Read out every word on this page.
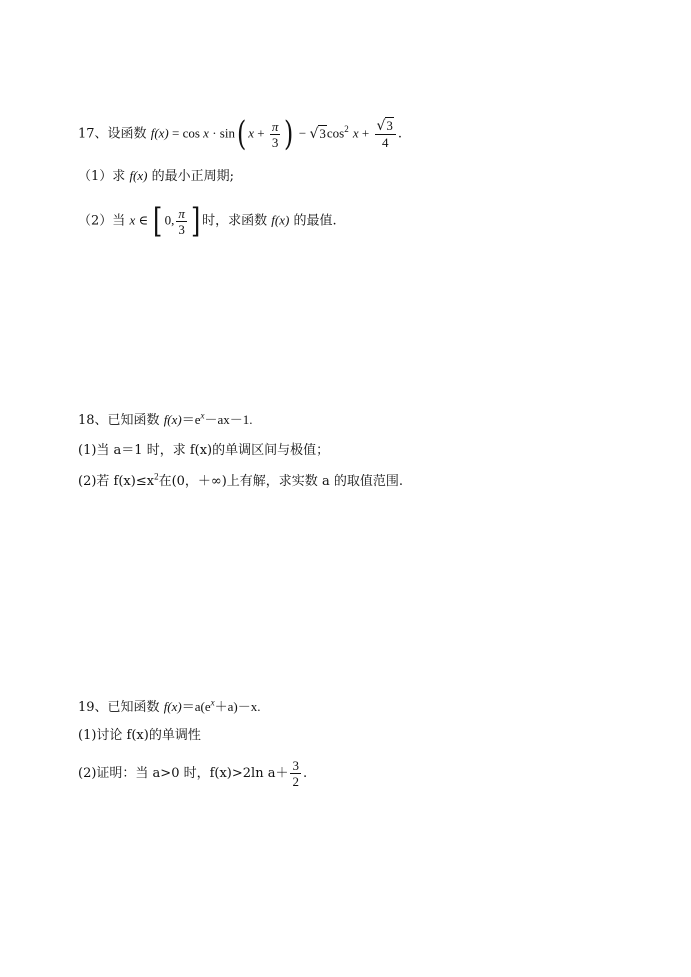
17、设函数 f(x) = cos x · sin( $x + \frac{\pi}{3}$ ) − $√3\cos^2$ $x + \frac{√3}{4}$ .
（1）求 f(x) 的最小正周期;
（2）当 x ∈ [ 0, $\frac{\pi}{3}$ ] 时，求函数 f(x) 的最值.
18、已知函数 $f(x)=e^x-ax-1$.
(1)当 a＝1 时，求 f(x)的单调区间与极值；
(2)若 $f(x)\le x^2$在(0，＋∞)上有解，求实数 a 的取值范围.
19、已知函数 $f(x)=a(e^x+a)-x$.
(1)讨论 f(x)的单调性
(2)证明：当 a>0 时，f(x)>2ln $a+ \frac{3}{2}$ .
